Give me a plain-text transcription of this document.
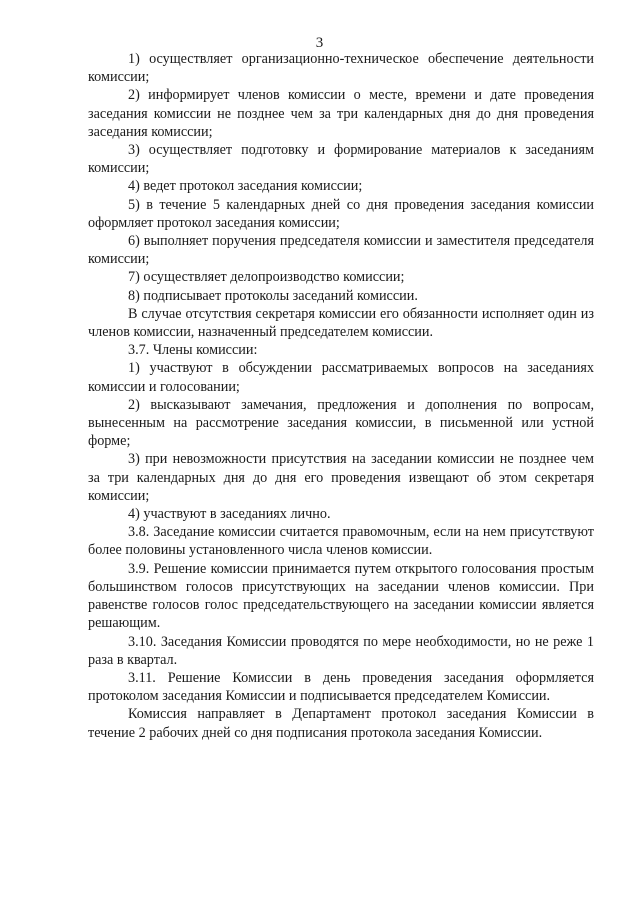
3

1) осуществляет организационно-техническое обеспечение деятельности комиссии;

2) информирует членов комиссии о месте, времени и дате проведения заседания комиссии не позднее чем за три календарных дня до дня проведения заседания комиссии;

3) осуществляет подготовку и формирование материалов к заседаниям комиссии;

4) ведет протокол заседания комиссии;

5) в течение 5 календарных дней со дня проведения заседания комиссии оформляет протокол заседания комиссии;

6) выполняет поручения председателя комиссии и заместителя председателя комиссии;

7) осуществляет делопроизводство комиссии;

8) подписывает протоколы заседаний комиссии.

В случае отсутствия секретаря комиссии его обязанности исполняет один из членов комиссии, назначенный председателем комиссии.

3.7. Члены комиссии:

1) участвуют в обсуждении рассматриваемых вопросов на заседаниях комиссии и голосовании;

2) высказывают замечания, предложения и дополнения по вопросам, вынесенным на рассмотрение заседания комиссии, в письменной или устной форме;

3) при невозможности присутствия на заседании комиссии не позднее чем за три календарных дня до дня его проведения извещают об этом секретаря комиссии;

4) участвуют в заседаниях лично.

3.8. Заседание комиссии считается правомочным, если на нем присутствуют более половины установленного числа членов комиссии.

3.9. Решение комиссии принимается путем открытого голосования простым большинством голосов присутствующих на заседании членов комиссии. При равенстве голосов голос председательствующего на заседании комиссии является решающим.

3.10. Заседания Комиссии проводятся по мере необходимости, но не реже 1 раза в квартал.

3.11. Решение Комиссии в день проведения заседания оформляется протоколом заседания Комиссии и подписывается председателем Комиссии.

Комиссия направляет в Департамент протокол заседания Комиссии в течение 2 рабочих дней со дня подписания протокола заседания Комиссии.
